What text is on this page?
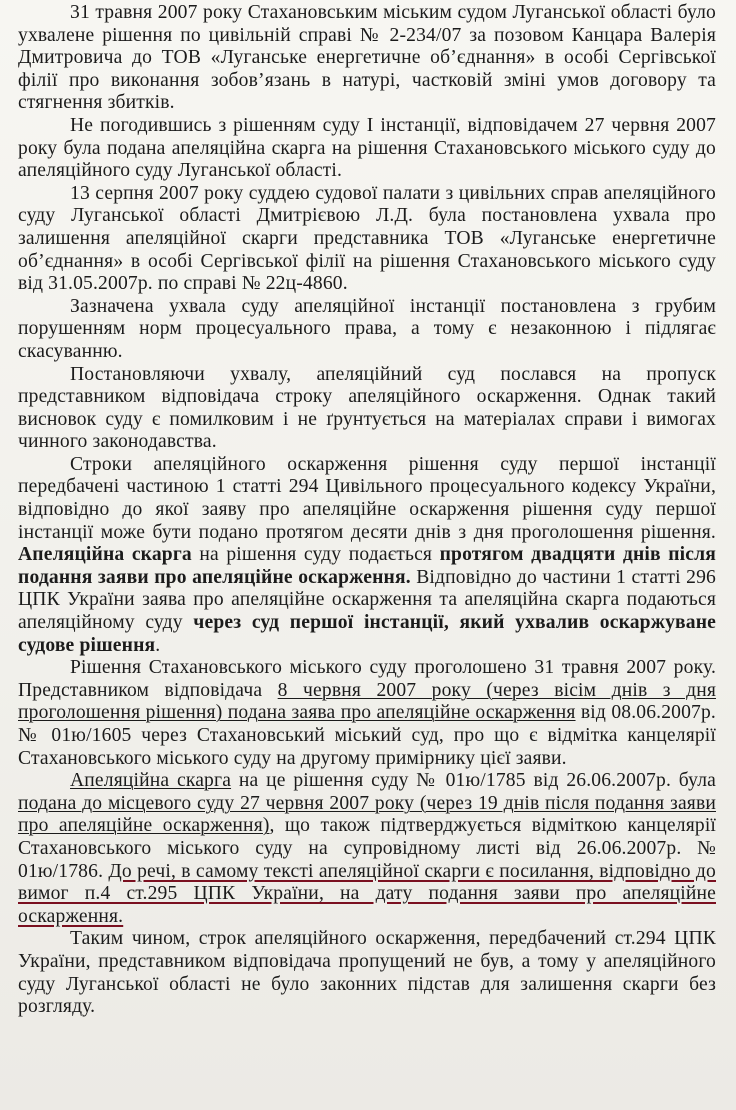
31 травня 2007 року Стахановським міським судом Луганської області було ухвалене рішення по цивільній справі № 2-234/07 за позовом Канцара Валерія Дмитровича до ТОВ «Луганське енергетичне об’єднання» в особі Сергівської філії про виконання зобов’язань в натурі, частковій зміні умов договору та стягнення збитків.

Не погодившись з рішенням суду I інстанції, відповідачем 27 червня 2007 року була подана апеляційна скарга на рішення Стахановського міського суду до апеляційного суду Луганської області.

13 серпня 2007 року суддею судової палати з цивільних справ апеляційного суду Луганської області Дмитрієвою Л.Д. була постановлена ухвала про залишення апеляційної скарги представника ТОВ «Луганське енергетичне об’єднання» в особі Сергівської філії на рішення Стахановського міського суду від 31.05.2007р. по справі № 22ц-4860.

Зазначена ухвала суду апеляційної інстанції постановлена з грубим порушенням норм процесуального права, а тому є незаконною і підлягає скасуванню.

Постановляючи ухвалу, апеляційний суд послався на пропуск представником відповідача строку апеляційного оскарження. Однак такий висновок суду є помилковим і не ґрунтується на матеріалах справи і вимогах чинного законодавства.

Строки апеляційного оскарження рішення суду першої інстанції передбачені частиною 1 статті 294 Цивільного процесуального кодексу України, відповідно до якої заяву про апеляційне оскарження рішення суду першої інстанції може бути подано протягом десяти днів з дня проголошення рішення. Апеляційна скарга на рішення суду подається протягом двадцяти днів після подання заяви про апеляційне оскарження. Відповідно до частини 1 статті 296 ЦПК України заява про апеляційне оскарження та апеляційна скарга подаються апеляційному суду через суд першої інстанції, який ухвалив оскаржуване судове рішення.

Рішення Стахановського міського суду проголошено 31 травня 2007 року. Представником відповідача 8 червня 2007 року (через вісім днів з дня проголошення рішення) подана заява про апеляційне оскарження від 08.06.2007р. № 01ю/1605 через Стахановський міський суд, про що є відмітка канцелярії Стахановського міського суду на другому примірнику цієї заяви.

Апеляційна скарга на це рішення суду № 01ю/1785 від 26.06.2007р. була подана до місцевого суду 27 червня 2007 року (через 19 днів після подання заяви про апеляційне оскарження), що також підтверджується відміткою канцелярії Стахановського міського суду на супровідному листі від 26.06.2007р. № 01ю/1786. До речі, в самому тексті апеляційної скарги є посилання, відповідно до вимог п.4 ст.295 ЦПК України, на дату подання заяви про апеляційне оскарження.

Таким чином, строк апеляційного оскарження, передбачений ст.294 ЦПК України, представником відповідача пропущений не був, а тому у апеляційного суду Луганської області не було законних підстав для залишення скарги без розгляду.
